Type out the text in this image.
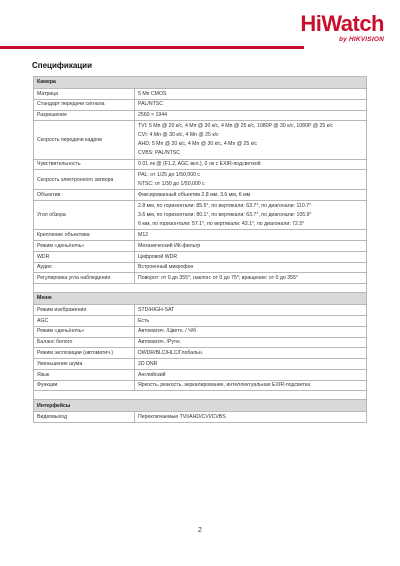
HiWatch
by HIKVISION
Спецификации
Камера	
Матрица	5 Мп CMOS
Стандарт передачи сигнала	PAL/NTSC
Разрешение	2560 × 1944
Скорость передачи кадров	TVI: 5 Мп @ 20 к/с, 4 Мп @ 30 к/с, 4 Мп @ 25 к/с, 1080P @ 30 к/с, 1080P @ 25 к/с
CVI: 4 Мп @ 30 к/с, 4 Мп @ 25 к/с
AHD: 5 Мп @ 20 к/с, 4 Мп @ 30 к/с, 4 Мп @ 25 к/с
CVBS: PAL/NTSC

Чувствительность	0.01 лк @ (F1.2, AGC вкл.), 0 лк с EXIR-подсветкой
Скорость электронного затвора	PAL: от 1/25 до 1/50,000 с
NTSC: от 1/30 до 1/50,000 с

Объектив	Фиксированный объектив 2.8 мм, 3.6 мм, 6 мм
Угол обзора	2.8 мм, по горизонтали: 85.5°, по вертикали: 63.7°, по диагонали: 110.7°
3.6 мм, по горизонтали: 80.1°, по вертикали: 63.7°, по диагонали: 105.9°
6 мм, по горизонтали: 57.1°, по вертикали: 43.1°, по диагонали: 72.5°

Крепление объектива	M12
Режим «день/ночь»	Механический ИК-фильтр
WDR	Цифровой WDR
Аудио	Встроенный микрофон
Регулировка угла наблюдения	Поворот: от 0 до 355°; наклон: от 0 до 75°; вращение: от 0 до 355°

Меню	
Режим изображения	STD/HIGH-SAT
AGC	Есть
Режим «день/ночь»	Автоматич. /Цветн. / Ч/б
Баланс белого	Автоматич. /Ручн.
Режим экспозиции (автоматич.)	DWDR/BLC/HLC/Глобальн.
Уменьшение шума	2D DNR
Язык	Английский
Функции	Яркость, резкость, зеркалирование, интеллектуальная EXIR-подсветка

Интерфейсы	
Видеовыход	Переключаемые TVI/AHD/CVI/CVBS
2
